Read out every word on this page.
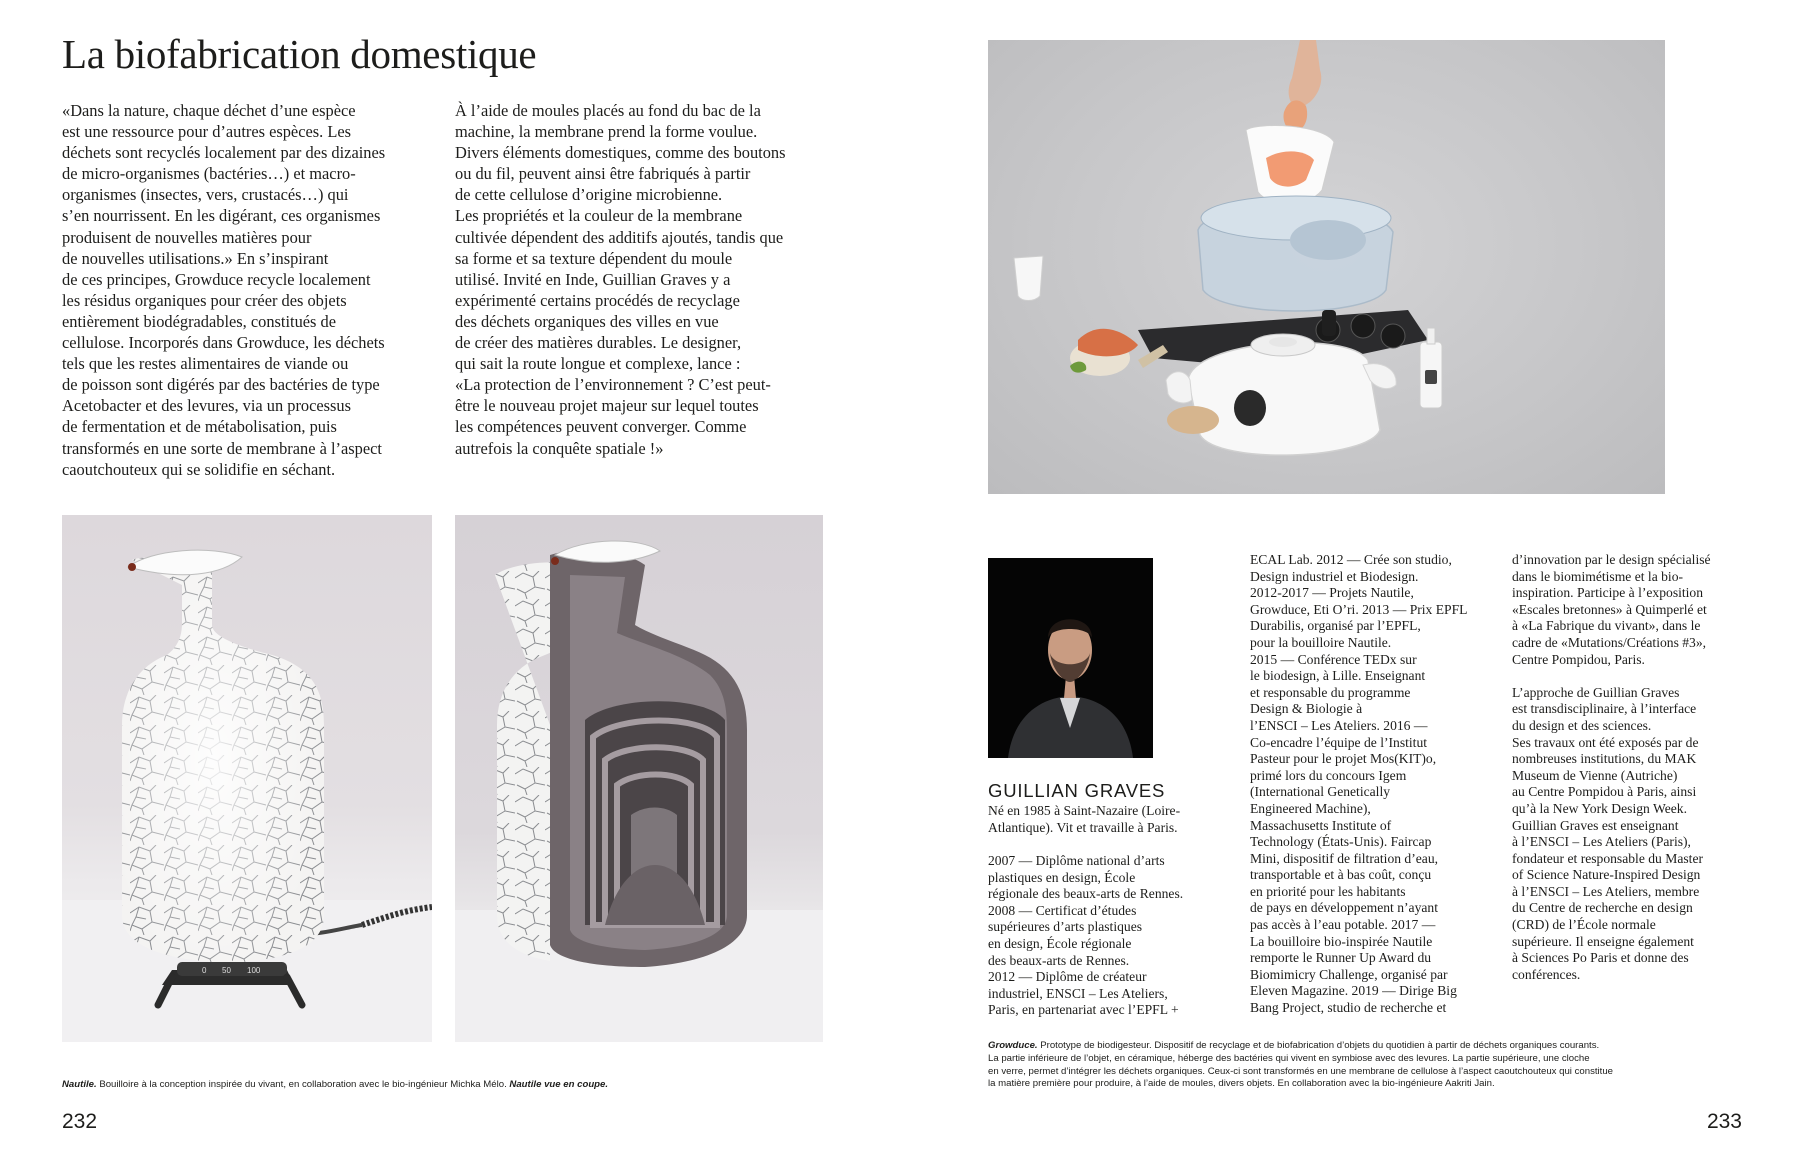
La biofabrication domestique
«Dans la nature, chaque déchet d’une espèce
est une ressource pour d’autres espèces. Les
déchets sont recyclés localement par des dizaines
de micro-organismes (bactéries…) et macro-
organismes (insectes, vers, crustacés…) qui
s’en nourrissent. En les digérant, ces organismes
produisent de nouvelles matières pour
de nouvelles utilisations.» En s’inspirant
de ces principes, Growduce recycle localement
les résidus organiques pour créer des objets
entièrement biodégradables, constitués de
cellulose. Incorporés dans Growduce, les déchets
tels que les restes alimentaires de viande ou
de poisson sont digérés par des bactéries de type
Acetobacter et des levures, via un processus
de fermentation et de métabolisation, puis
transformés en une sorte de membrane à l’aspect
caoutchouteux qui se solidifie en séchant.
À l’aide de moules placés au fond du bac de la
machine, la membrane prend la forme voulue.
Divers éléments domestiques, comme des boutons
ou du fil, peuvent ainsi être fabriqués à partir
de cette cellulose d’origine microbienne.
Les propriétés et la couleur de la membrane
cultivée dépendent des additifs ajoutés, tandis que
sa forme et sa texture dépendent du moule
utilisé. Invité en Inde, Guillian Graves y a
expérimenté certains procédés de recyclage
des déchets organiques des villes en vue
de créer des matières durables. Le designer,
qui sait la route longue et complexe, lance :
«La protection de l’environnement ? C’est peut-
être le nouveau projet majeur sur lequel toutes
les compétences peuvent converger. Comme
autrefois la conquête spatiale !»
0 50 100
Nautile. Bouilloire à la conception inspirée du vivant, en collaboration avec le bio-ingénieur Michka Mélo. Nautile vue en coupe.
232
GUILLIAN GRAVES
Né en 1985 à Saint-Nazaire (Loire-
Atlantique). Vit et travaille à Paris.
2007 — Diplôme national d’arts
plastiques en design, École
régionale des beaux-arts de Rennes.
2008 — Certificat d’études
supérieures d’arts plastiques
en design, École régionale
des beaux-arts de Rennes.
2012 — Diplôme de créateur
industriel, ENSCI – Les Ateliers,
Paris, en partenariat avec l’EPFL +
ECAL Lab. 2012 — Crée son studio,
Design industriel et Biodesign.
2012-2017 — Projets Nautile,
Growduce, Eti O’ri. 2013 — Prix EPFL
Durabilis, organisé par l’EPFL,
pour la bouilloire Nautile.
2015 — Conférence TEDx sur
le biodesign, à Lille. Enseignant
et responsable du programme
Design & Biologie à
l’ENSCI – Les Ateliers. 2016 —
Co-encadre l’équipe de l’Institut
Pasteur pour le projet Mos(KIT)o,
primé lors du concours Igem
(International Genetically
Engineered Machine),
Massachusetts Institute of
Technology (États-Unis). Faircap
Mini, dispositif de filtration d’eau,
transportable et à bas coût, conçu
en priorité pour les habitants
de pays en développement n’ayant
pas accès à l’eau potable. 2017 —
La bouilloire bio-inspirée Nautile
remporte le Runner Up Award du
Biomimicry Challenge, organisé par
Eleven Magazine. 2019 — Dirige Big
Bang Project, studio de recherche et
d’innovation par le design spécialisé
dans le biomimétisme et la bio-
inspiration. Participe à l’exposition
«Escales bretonnes» à Quimperlé et
à «La Fabrique du vivant», dans le
cadre de «Mutations/Créations #3»,
Centre Pompidou, Paris.

L’approche de Guillian Graves
est transdisciplinaire, à l’interface
du design et des sciences.
Ses travaux ont été exposés par de
nombreuses institutions, du MAK
Museum de Vienne (Autriche)
au Centre Pompidou à Paris, ainsi
qu’à la New York Design Week.
Guillian Graves est enseignant
à l’ENSCI – Les Ateliers (Paris),
fondateur et responsable du Master
of Science Nature-Inspired Design
à l’ENSCI – Les Ateliers, membre
du Centre de recherche en design
(CRD) de l’École normale
supérieure. Il enseigne également
à Sciences Po Paris et donne des
conférences.
Growduce. Prototype de biodigesteur. Dispositif de recyclage et de biofabrication d’objets du quotidien à partir de déchets organiques courants.
La partie inférieure de l’objet, en céramique, héberge des bactéries qui vivent en symbiose avec des levures. La partie supérieure, une cloche
en verre, permet d’intégrer les déchets organiques. Ceux-ci sont transformés en une membrane de cellulose à l’aspect caoutchouteux qui constitue
la matière première pour produire, à l’aide de moules, divers objets. En collaboration avec la bio-ingénieure Aakriti Jain.
233
